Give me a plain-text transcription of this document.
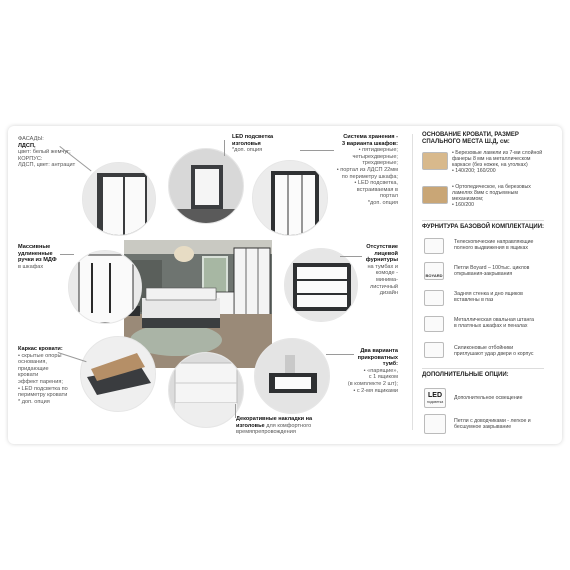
ФАСАДЫ:
ЛДСП,
цвет: белый жемчуг;
КОРПУС:
ЛДСП, цвет: антрацит
Массивные
удлиненные
ручки из МДФ
в шкафах
Каркас кровати:
• скрытые опоры
основания,
придающие
кровати
эффект парения;
• LED подсветка по
периметру кровати
* доп. опция
LED подсветка
изголовья
*доп. опция
Декоративные накладки на
изголовье для комфортного
времяпрепровождения
Система хранения -
3 варианта шкафов:
• пятидверные;
четырехдверные;
трехдверные;
• портал из ЛДСП 22мм
по периметру шкафа;
• LED подсветка,
встраиваемая в
портал
*доп. опция
Отсутствие
лицевой
фурнитуры
на тумбах и
комоде -
минима-
листичный
дизайн
Два варианта
прикроватных
тумб:
• «парящие»,
с 1 ящиком
(в комплекте 2 шт);
• с 2-мя ящиками
ОСНОВАНИЕ КРОВАТИ, РАЗМЕР
СПАЛЬНОГО МЕСТА Ш.Д, см:
• Березовые ламели из 7-ми слойной
фанеры 8 мм на металлическом
каркасе (без ножек, на уголках)
• 140/200; 160/200
• Ортопедическое, на березовых
ламелях 8мм с подъемным
механизмом;
• 160/200
ФУРНИТУРА БАЗОВОЙ КОМПЛЕКТАЦИИ:
Телескопические направляющие
полного выдвижения в ящиках
BOYARD
Петли Boyard – 100тыс. циклов
открывания-закрывания
Задняя стенка и дно ящиков
вставлены в паз
Металлическая овальная штанга
в платяных шкафах и пеналах
Силиконовые отбойники
приглушают удар двери о корпус
ДОПОЛНИТЕЛЬНЫЕ ОПЦИИ:
LED
подсветка
Дополнительное освещение
Петли с доводчиками - легкое и
бесшумное закрывание
